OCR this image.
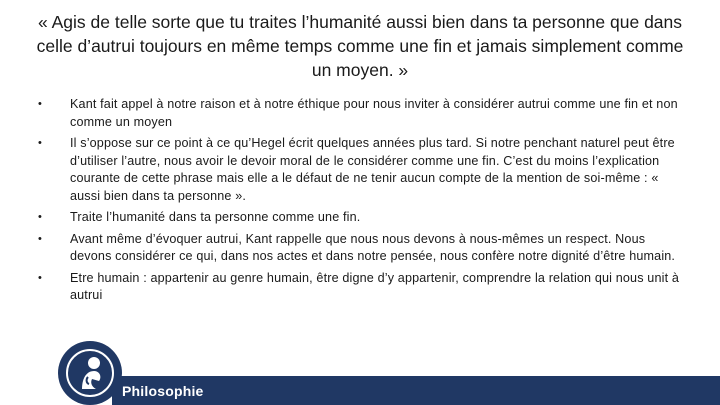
« Agis de telle sorte que tu traites l’humanité aussi bien dans ta personne que dans celle d’autrui toujours en même temps comme une fin et jamais simplement comme un moyen. »
• Kant fait appel à notre raison et à notre éthique pour nous inviter à considérer autrui comme une fin et non comme un moyen
• Il s’oppose sur ce point à ce qu’Hegel écrit quelques années plus tard. Si notre penchant naturel peut être d’utiliser l’autre, nous avoir le devoir moral de le considérer comme une fin. C’est du moins l’explication courante de cette phrase mais elle a le défaut de ne tenir aucun compte de la mention de soi-même : « aussi bien dans ta personne ».
• Traite l’humanité dans ta personne comme une fin.
• Avant même d’évoquer autrui, Kant rappelle que nous nous devons à nous-mêmes un respect. Nous devons considérer ce qui, dans nos actes et dans notre pensée, nous confère notre dignité d’être humain.
• Etre humain : appartenir au genre humain, être digne d’y appartenir, comprendre la relation qui nous unit à autrui
Philosophie
